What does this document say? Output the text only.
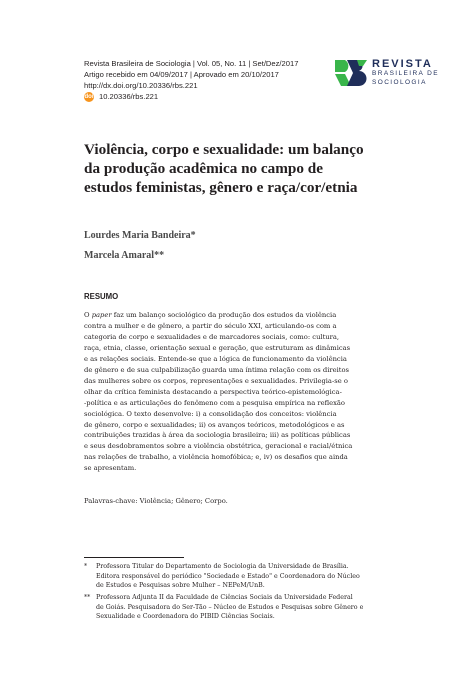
Revista Brasileira de Sociologia | Vol. 05, No. 11 | Set/Dez/2017
Artigo recebido em 04/09/2017 | Aprovado em 20/10/2017
http://dx.doi.org/10.20336/rbs.221
doi 10.20336/rbs.221
REVISTA
BRASILEIRA DE
SOCIOLOGIA
Violência, corpo e sexualidade: um balanço
da produção acadêmica no campo de
estudos feministas, gênero e raça/cor/etnia
Lourdes Maria Bandeira*
Marcela Amaral**
RESUMO
O paper faz um balanço sociológico da produção dos estudos da violência
contra a mulher e de gênero, a partir do século XXI, articulando-os com a
categoria de corpo e sexualidades e de marcadores sociais, como: cultura,
raça, etnia, classe, orientação sexual e geração, que estruturam as dinâmicas
e as relações sociais. Entende-se que a lógica de funcionamento da violência
de gênero e de sua culpabilização guarda uma íntima relação com os direitos
das mulheres sobre os corpos, representações e sexualidades. Privilegia-se o
olhar da crítica feminista destacando a perspectiva teórico-epistemológica-
-política e as articulações do fenômeno com a pesquisa empírica na reflexão
sociológica. O texto desenvolve: i) a consolidação dos conceitos: violência
de gênero, corpo e sexualidades; ii) os avanços teóricos, metodológicos e as
contribuições trazidas à área da sociologia brasileira; iii) as políticas públicas
e seus desdobramentos sobre a violência obstétrica, geracional e racial/étnica
nas relações de trabalho, a violência homofóbica; e, iv) os desafios que ainda
se apresentam.
Palavras-chave: Violência; Gênero; Corpo.
*	Professora Titular do Departamento de Sociologia da Universidade de Brasília.
Editora responsável do periódico "Sociedade e Estado" e Coordenadora do Núcleo
de Estudos e Pesquisas sobre Mulher – NEPeM/UnB.
** Professora Adjunta II da Faculdade de Ciências Sociais da Universidade Federal
de Goiás. Pesquisadora do Ser-Tão – Núcleo de Estudos e Pesquisas sobre Gênero e
Sexualidade e Coordenadora do PIBID Ciências Sociais.
